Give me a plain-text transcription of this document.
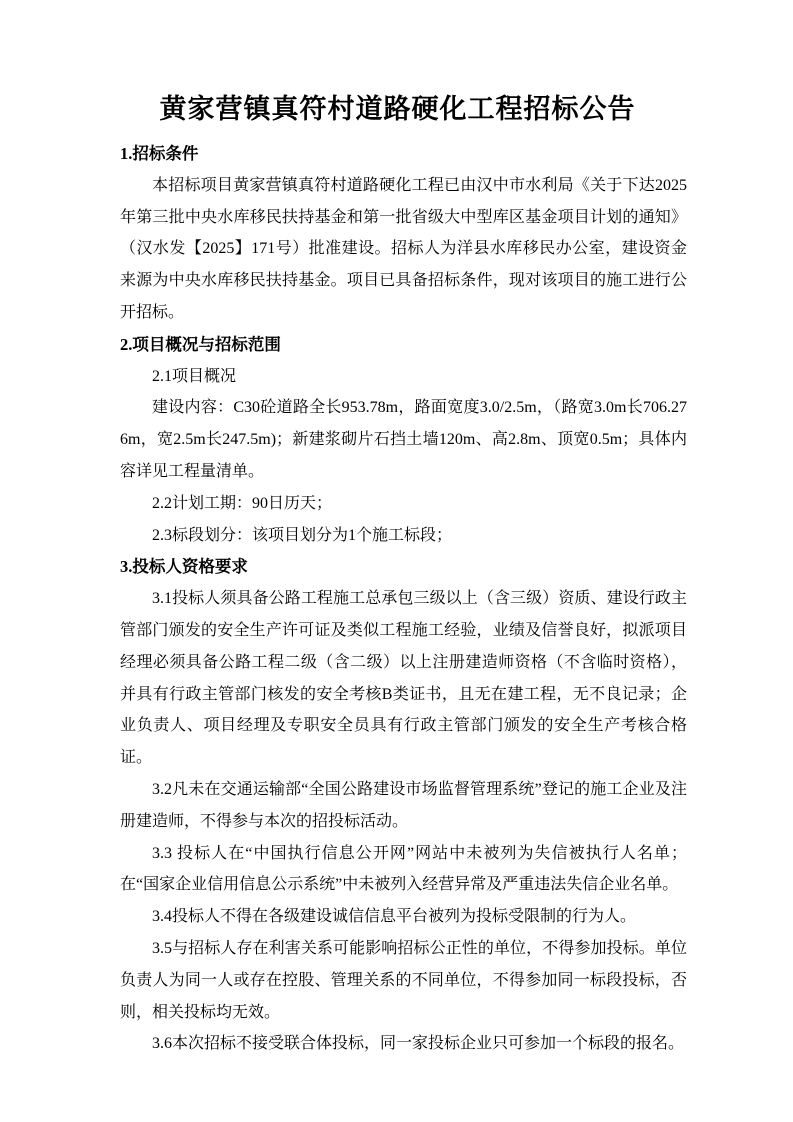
黄家营镇真符村道路硬化工程招标公告
1.招标条件

本招标项目黄家营镇真符村道路硬化工程已由汉中市水利局《关于下达2025年第三批中央水库移民扶持基金和第一批省级大中型库区基金项目计划的通知》（汉水发【2025】171号）批准建设。招标人为洋县水库移民办公室，建设资金来源为中央水库移民扶持基金。项目已具备招标条件，现对该项目的施工进行公开招标。

2.项目概况与招标范围

2.1项目概况

建设内容：C30砼道路全长953.78m，路面宽度3.0/2.5m，（路宽3.0m长706.276m，宽2.5m长247.5m)；新建浆砌片石挡土墙120m、高2.8m、顶宽0.5m；具体内容详见工程量清单。

2.2计划工期：90日历天；

2.3标段划分：该项目划分为1个施工标段；

3.投标人资格要求

3.1投标人须具备公路工程施工总承包三级以上（含三级）资质、建设行政主管部门颁发的安全生产许可证及类似工程施工经验，业绩及信誉良好，拟派项目经理必须具备公路工程二级（含二级）以上注册建造师资格（不含临时资格），并具有行政主管部门核发的安全考核B类证书，且无在建工程，无不良记录；企业负责人、项目经理及专职安全员具有行政主管部门颁发的安全生产考核合格证。

3.2凡未在交通运输部“全国公路建设市场监督管理系统”登记的施工企业及注册建造师，不得参与本次的招投标活动。

3.3 投标人在“中国执行信息公开网”网站中未被列为失信被执行人名单；在“国家企业信用信息公示系统”中未被列入经营异常及严重违法失信企业名单。

3.4投标人不得在各级建设诚信信息平台被列为投标受限制的行为人。

3.5与招标人存在利害关系可能影响招标公正性的单位，不得参加投标。单位负责人为同一人或存在控股、管理关系的不同单位，不得参加同一标段投标，否则，相关投标均无效。

3.6本次招标不接受联合体投标，同一家投标企业只可参加一个标段的报名。
